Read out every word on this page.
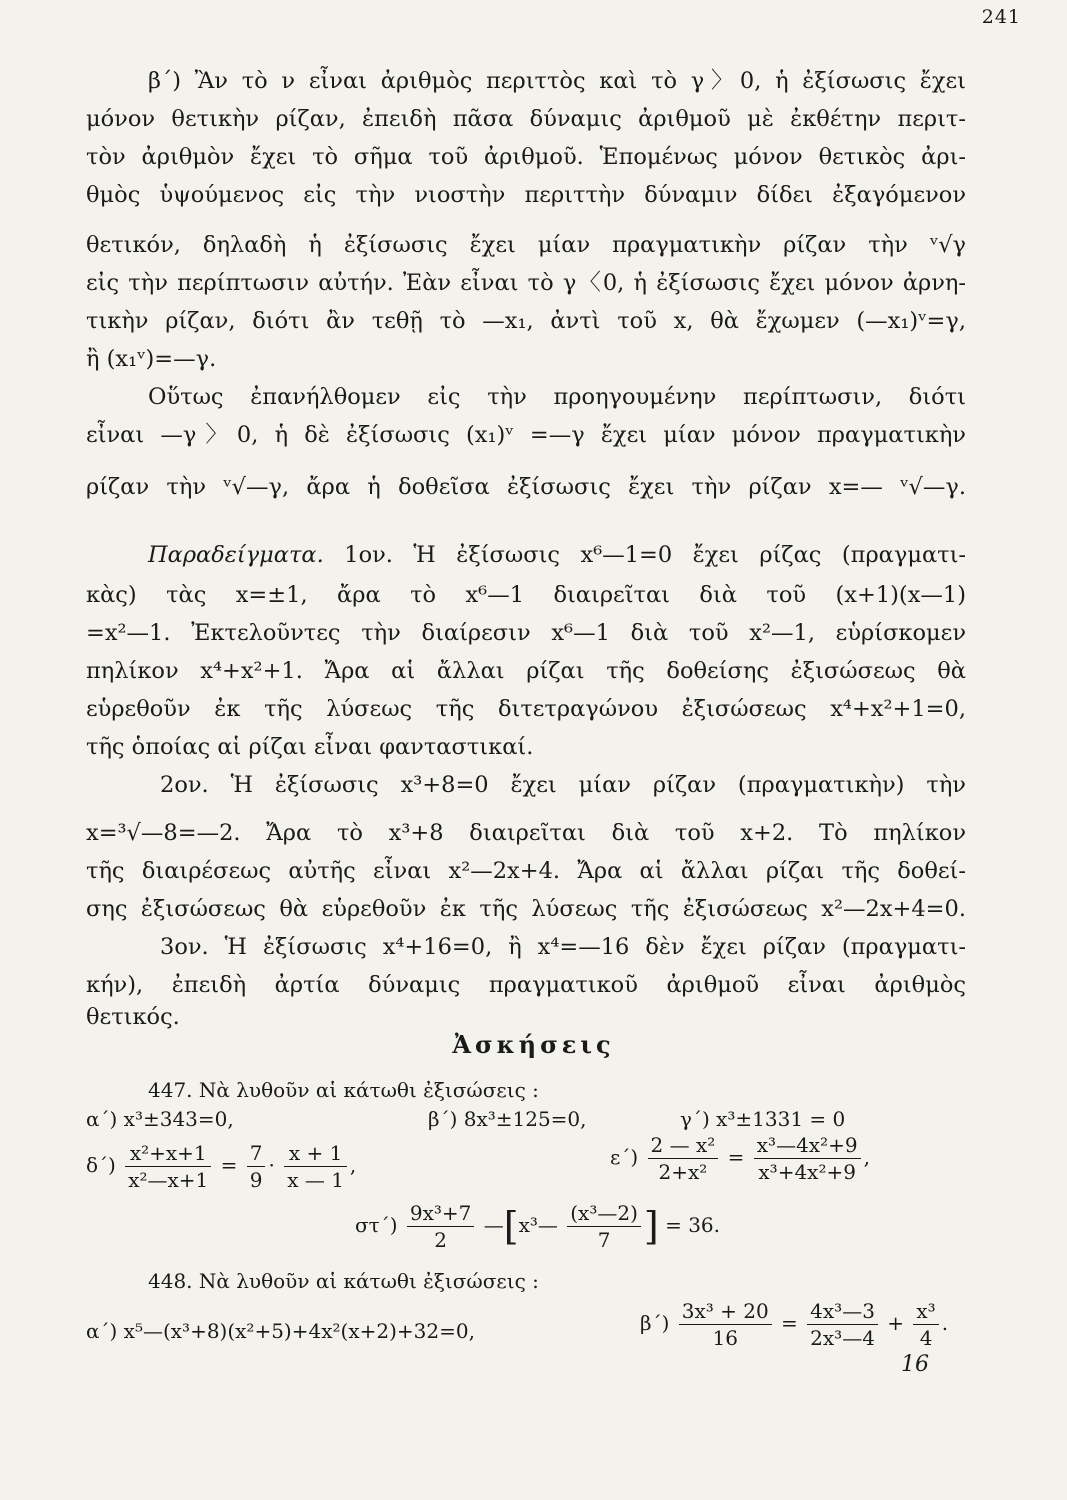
241
β΄) Ἂν τὸ ν εἶναι ἀριθμὸς περιττὸς καὶ τὸ γ〉0, ἡ ἐξίσωσις ἔχει
μόνον θετικὴν ρίζαν, ἐπειδὴ πᾶσα δύναμις ἀριθμοῦ μὲ ἐκθέτην περιτ-
τὸν ἀριθμὸν ἔχει τὸ σῆμα τοῦ ἀριθμοῦ. Ἑπομένως μόνον θετικὸς ἀρι-
θμὸς ὑψούμενος εἰς τὴν νιοστὴν περιττὴν δύναμιν δίδει ἐξαγόμενον
θετικόν, δηλαδὴ ἡ ἐξίσωσις ἔχει μίαν πραγματικὴν ρίζαν τὴν ᵛ√γ
εἰς τὴν περίπτωσιν αὐτήν. Ἐὰν εἶναι τὸ γ〈0, ἡ ἐξίσωσις ἔχει μόνον ἀρνη-
τικὴν ρίζαν, διότι ἂν τεθῇ τὸ —x₁, ἀντὶ τοῦ x, θὰ ἔχωμεν (—x₁)ᵛ=γ,
ἢ (x₁ᵛ)=—γ.
Οὕτως ἐπανήλθομεν εἰς τὴν προηγουμένην περίπτωσιν, διότι
εἶναι —γ〉0, ἡ δὲ ἐξίσωσις (x₁)ᵛ =—γ ἔχει μίαν μόνον πραγματικὴν
ρίζαν τὴν ᵛ√—γ, ἄρα ἡ δοθεῖσα ἐξίσωσις ἔχει τὴν ρίζαν x=— ᵛ√—γ.
Παραδείγματα. 1ον. Ἡ ἐξίσωσις x⁶—1=0 ἔχει ρίζας (πραγματι-
κὰς) τὰς x=±1, ἄρα τὸ x⁶—1 διαιρεῖται διὰ τοῦ (x+1)(x—1)
=x²—1. Ἐκτελοῦντες τὴν διαίρεσιν x⁶—1 διὰ τοῦ x²—1, εὑρίσκομεν
πηλίκον x⁴+x²+1. Ἄρα αἱ ἄλλαι ρίζαι τῆς δοθείσης ἐξισώσεως θὰ
εὑρεθοῦν ἐκ τῆς λύσεως τῆς διτετραγώνου ἐξισώσεως x⁴+x²+1=0,
τῆς ὁποίας αἱ ρίζαι εἶναι φανταστικαί.
2ον. Ἡ ἐξίσωσις x³+8=0 ἔχει μίαν ρίζαν (πραγματικὴν) τὴν
x=³√—8=—2. Ἄρα τὸ x³+8 διαιρεῖται διὰ τοῦ x+2. Τὸ πηλίκον
τῆς διαιρέσεως αὐτῆς εἶναι x²—2x+4. Ἄρα αἱ ἄλλαι ρίζαι τῆς δοθεί-
σης ἐξισώσεως θὰ εὑρεθοῦν ἐκ τῆς λύσεως τῆς ἐξισώσεως x²—2x+4=0.
3ον. Ἡ ἐξίσωσις x⁴+16=0, ἢ x⁴=—16 δὲν ἔχει ρίζαν (πραγματι-
κήν), ἐπειδὴ ἀρτία δύναμις πραγματικοῦ ἀριθμοῦ εἶναι ἀριθμὸς
θετικός.
Ἀσκήσεις
447. Νὰ λυθοῦν αἱ κάτωθι ἐξισώσεις :
α΄) x³±343=0,	β΄) 8x³±125=0,	γ΄) x³±1331 = 0
$\delta΄) \frac{\text{x²+x+1}}{\text{x²—x+1}} = \frac{7}{9} \cdot \frac{x + 1}{x — 1}$ ,	$\varepsilon΄) \frac{\text{2 — x²}}{\text{2+x²}} = \frac{\text{x³—4x²+9}}{\text{x³+4x²+9}}$ ,
$\sigma\tau΄) \frac{\text{9x³+7}}{2}$ —[x³— $\frac{\text{(x³—2)}}{7}$ ] = 36.
448. Νὰ λυθοῦν αἱ κάτωθι ἐξισώσεις :
α΄) x⁵—(x³+8)(x²+5)+4x²(x+2)+32=0,	$\beta΄) \frac{\text{3x³ + 20}}{16} = \frac{\text{4x³—3}}{\text{2x³—4}} + \frac{\text{x³}}{4}$ .
16
